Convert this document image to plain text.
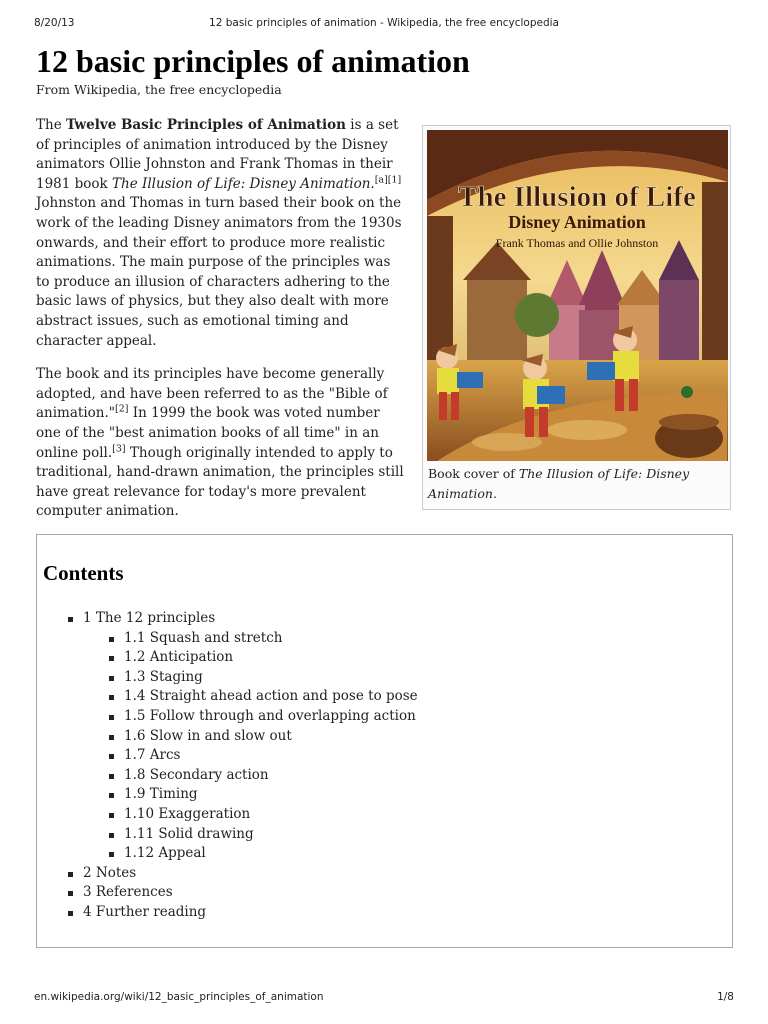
8/20/13	12 basic principles of animation - Wikipedia, the free encyclopedia
12 basic principles of animation
From Wikipedia, the free encyclopedia

The Twelve Basic Principles of Animation is a set of principles of animation introduced by the Disney animators Ollie Johnston and Frank Thomas in their 1981 book The Illusion of Life: Disney Animation.[a][1] Johnston and Thomas in turn based their book on the work of the leading Disney animators from the 1930s onwards, and their effort to produce more realistic animations. The main purpose of the principles was to produce an illusion of characters adhering to the basic laws of physics, but they also dealt with more abstract issues, such as emotional timing and character appeal.

The book and its principles have become generally adopted, and have been referred to as the "Bible of animation."[2] In 1999 the book was voted number one of the "best animation books of all time" in an online poll.[3] Though originally intended to apply to traditional, hand-drawn animation, the principles still have great relevance for today's more prevalent computer animation.

The Illusion of Life
Disney Animation
Frank Thomas and Ollie Johnston
Book cover of The Illusion of Life: Disney Animation.
Contents
1 The 12 principles
1.1 Squash and stretch
1.2 Anticipation
1.3 Staging
1.4 Straight ahead action and pose to pose
1.5 Follow through and overlapping action
1.6 Slow in and slow out
1.7 Arcs
1.8 Secondary action
1.9 Timing
1.10 Exaggeration
1.11 Solid drawing
1.12 Appeal
2 Notes
3 References
4 Further reading
en.wikipedia.org/wiki/12_basic_principles_of_animation	1/8
